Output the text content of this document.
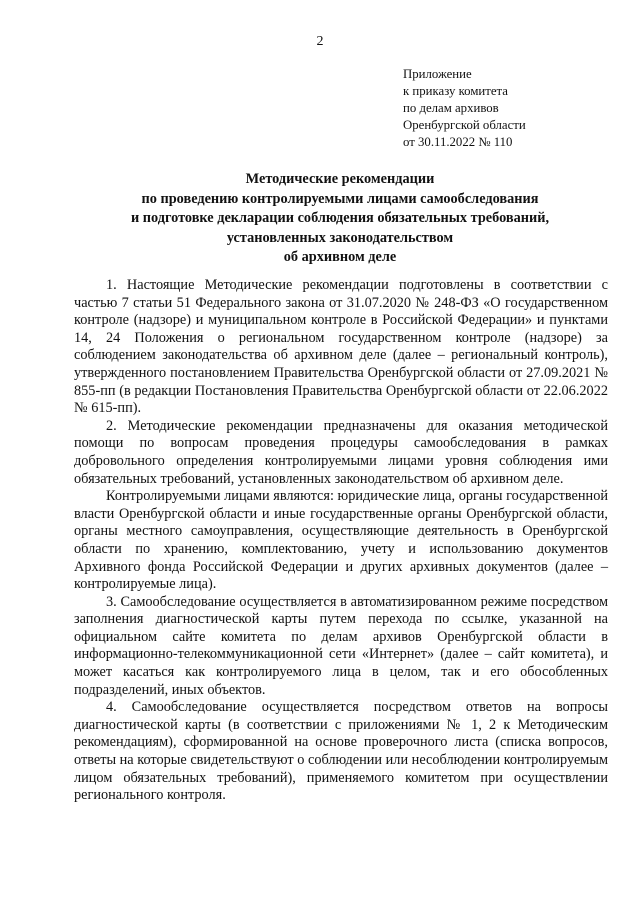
2
Приложение
к приказу комитета
по делам архивов
Оренбургской области
от 30.11.2022 № 110
Методические рекомендации
по проведению контролируемыми лицами самообследования
и подготовке декларации соблюдения обязательных требований,
установленных законодательством
об архивном деле

1. Настоящие Методические рекомендации подготовлены в соответствии с частью 7 статьи 51 Федерального закона от 31.07.2020 № 248-ФЗ «О государственном контроле (надзоре) и муниципальном контроле в Российской Федерации» и пунктами 14, 24 Положения о региональном государственном контроле (надзоре) за соблюдением законодательства об архивном деле (далее – региональный контроль), утвержденного постановлением Правительства Оренбургской области от 27.09.2021 № 855-пп (в редакции Постановления Правительства Оренбургской области от 22.06.2022 № 615-пп).

2. Методические рекомендации предназначены для оказания методической помощи по вопросам проведения процедуры самообследования в рамках добровольного определения контролируемыми лицами уровня соблюдения ими обязательных требований, установленных законодательством об архивном деле.

Контролируемыми лицами являются: юридические лица, органы государственной власти Оренбургской области и иные государственные органы Оренбургской области, органы местного самоуправления, осуществляющие деятельность в Оренбургской области по хранению, комплектованию, учету и использованию документов Архивного фонда Российской Федерации и других архивных документов (далее – контролируемые лица).

3. Самообследование осуществляется в автоматизированном режиме посредством заполнения диагностической карты путем перехода по ссылке, указанной на официальном сайте комитета по делам архивов Оренбургской области в информационно-телекоммуникационной сети «Интернет» (далее – сайт комитета), и может касаться как контролируемого лица в целом, так и его обособленных подразделений, иных объектов.

4. Самообследование осуществляется посредством ответов на вопросы диагностической карты (в соответствии с приложениями № 1, 2 к Методическим рекомендациям), сформированной на основе проверочного листа (списка вопросов, ответы на которые свидетельствуют о соблюдении или несоблюдении контролируемым лицом обязательных требований), применяемого комитетом при осуществлении регионального контроля.
